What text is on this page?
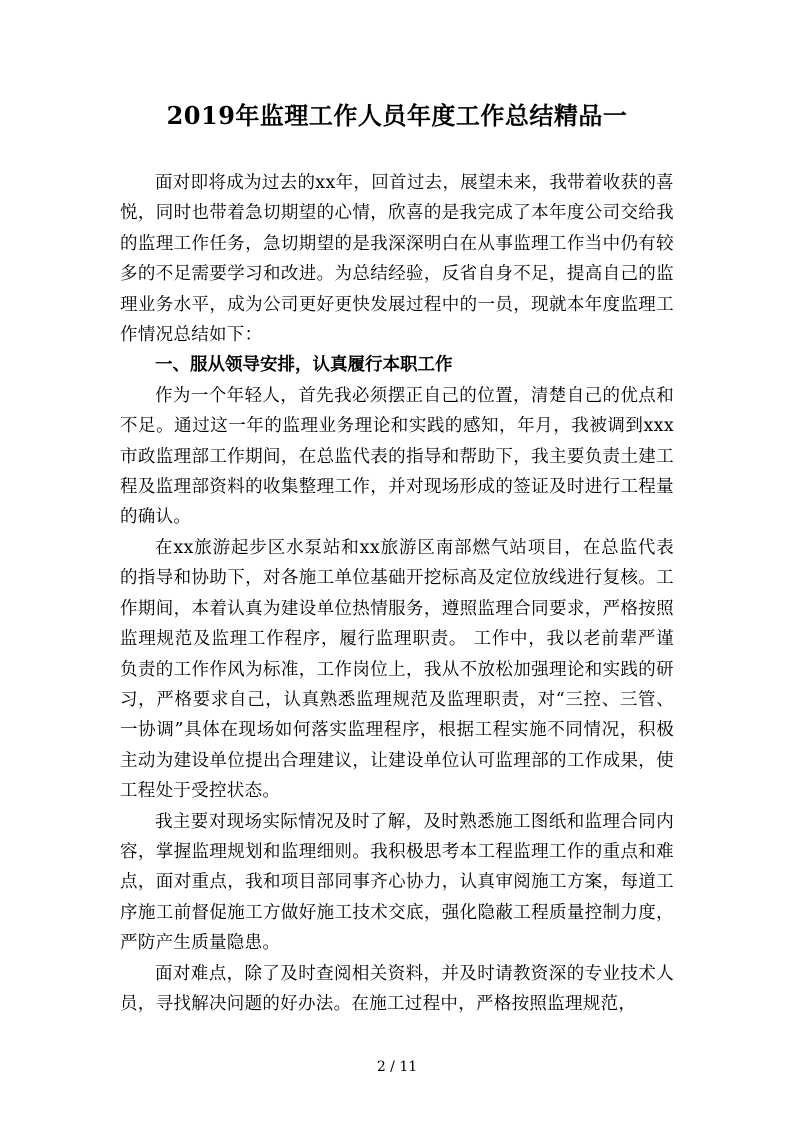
2019年监理工作人员年度工作总结精品一

面对即将成为过去的xx年，回首过去，展望未来，我带着收获的喜悦，同时也带着急切期望的心情，欣喜的是我完成了本年度公司交给我的监理工作任务，急切期望的是我深深明白在从事监理工作当中仍有较多的不足需要学习和改进。为总结经验，反省自身不足，提高自己的监理业务水平，成为公司更好更快发展过程中的一员，现就本年度监理工作情况总结如下：

一、服从领导安排，认真履行本职工作

作为一个年轻人，首先我必须摆正自己的位置，清楚自己的优点和不足。通过这一年的监理业务理论和实践的感知，年月，我被调到xxx市政监理部工作期间，在总监代表的指导和帮助下，我主要负责土建工程及监理部资料的收集整理工作，并对现场形成的签证及时进行工程量的确认。

在xx旅游起步区水泵站和xx旅游区南部燃气站项目，在总监代表的指导和协助下，对各施工单位基础开挖标高及定位放线进行复核。工作期间，本着认真为建设单位热情服务，遵照监理合同要求，严格按照监理规范及监理工作程序，履行监理职责。 工作中，我以老前辈严谨负责的工作作风为标准，工作岗位上，我从不放松加强理论和实践的研习，严格要求自己，认真熟悉监理规范及监理职责，对“三控、三管、一协调”具体在现场如何落实监理程序，根据工程实施不同情况，积极主动为建设单位提出合理建议，让建设单位认可监理部的工作成果，使工程处于受控状态。

我主要对现场实际情况及时了解，及时熟悉施工图纸和监理合同内容，掌握监理规划和监理细则。我积极思考本工程监理工作的重点和难点，面对重点，我和项目部同事齐心协力，认真审阅施工方案，每道工序施工前督促施工方做好施工技术交底，强化隐蔽工程质量控制力度，严防产生质量隐患。

面对难点，除了及时查阅相关资料，并及时请教资深的专业技术人员，寻找解决问题的好办法。在施工过程中，严格按照监理规范，

2 / 11
